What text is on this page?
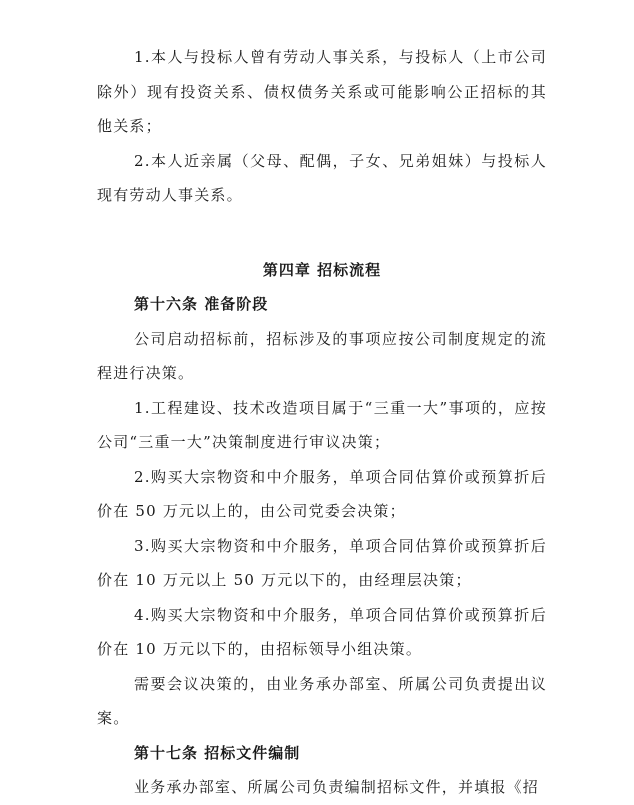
1.本人与投标人曾有劳动人事关系，与投标人（上市公司除外）现有投资关系、债权债务关系或可能影响公正招标的其他关系；

2.本人近亲属（父母、配偶，子女、兄弟姐妹）与投标人现有劳动人事关系。

第四章 招标流程

第十六条 准备阶段

公司启动招标前，招标涉及的事项应按公司制度规定的流程进行决策。

1.工程建设、技术改造项目属于“三重一大”事项的，应按公司“三重一大”决策制度进行审议决策；

2.购买大宗物资和中介服务，单项合同估算价或预算折后价在 50 万元以上的，由公司党委会决策；

3.购买大宗物资和中介服务，单项合同估算价或预算折后价在 10 万元以上 50 万元以下的，由经理层决策；

4.购买大宗物资和中介服务，单项合同估算价或预算折后价在 10 万元以下的，由招标领导小组决策。

需要会议决策的，由业务承办部室、所属公司负责提出议案。

第十七条 招标文件编制

业务承办部室、所属公司负责编制招标文件，并填报《招
